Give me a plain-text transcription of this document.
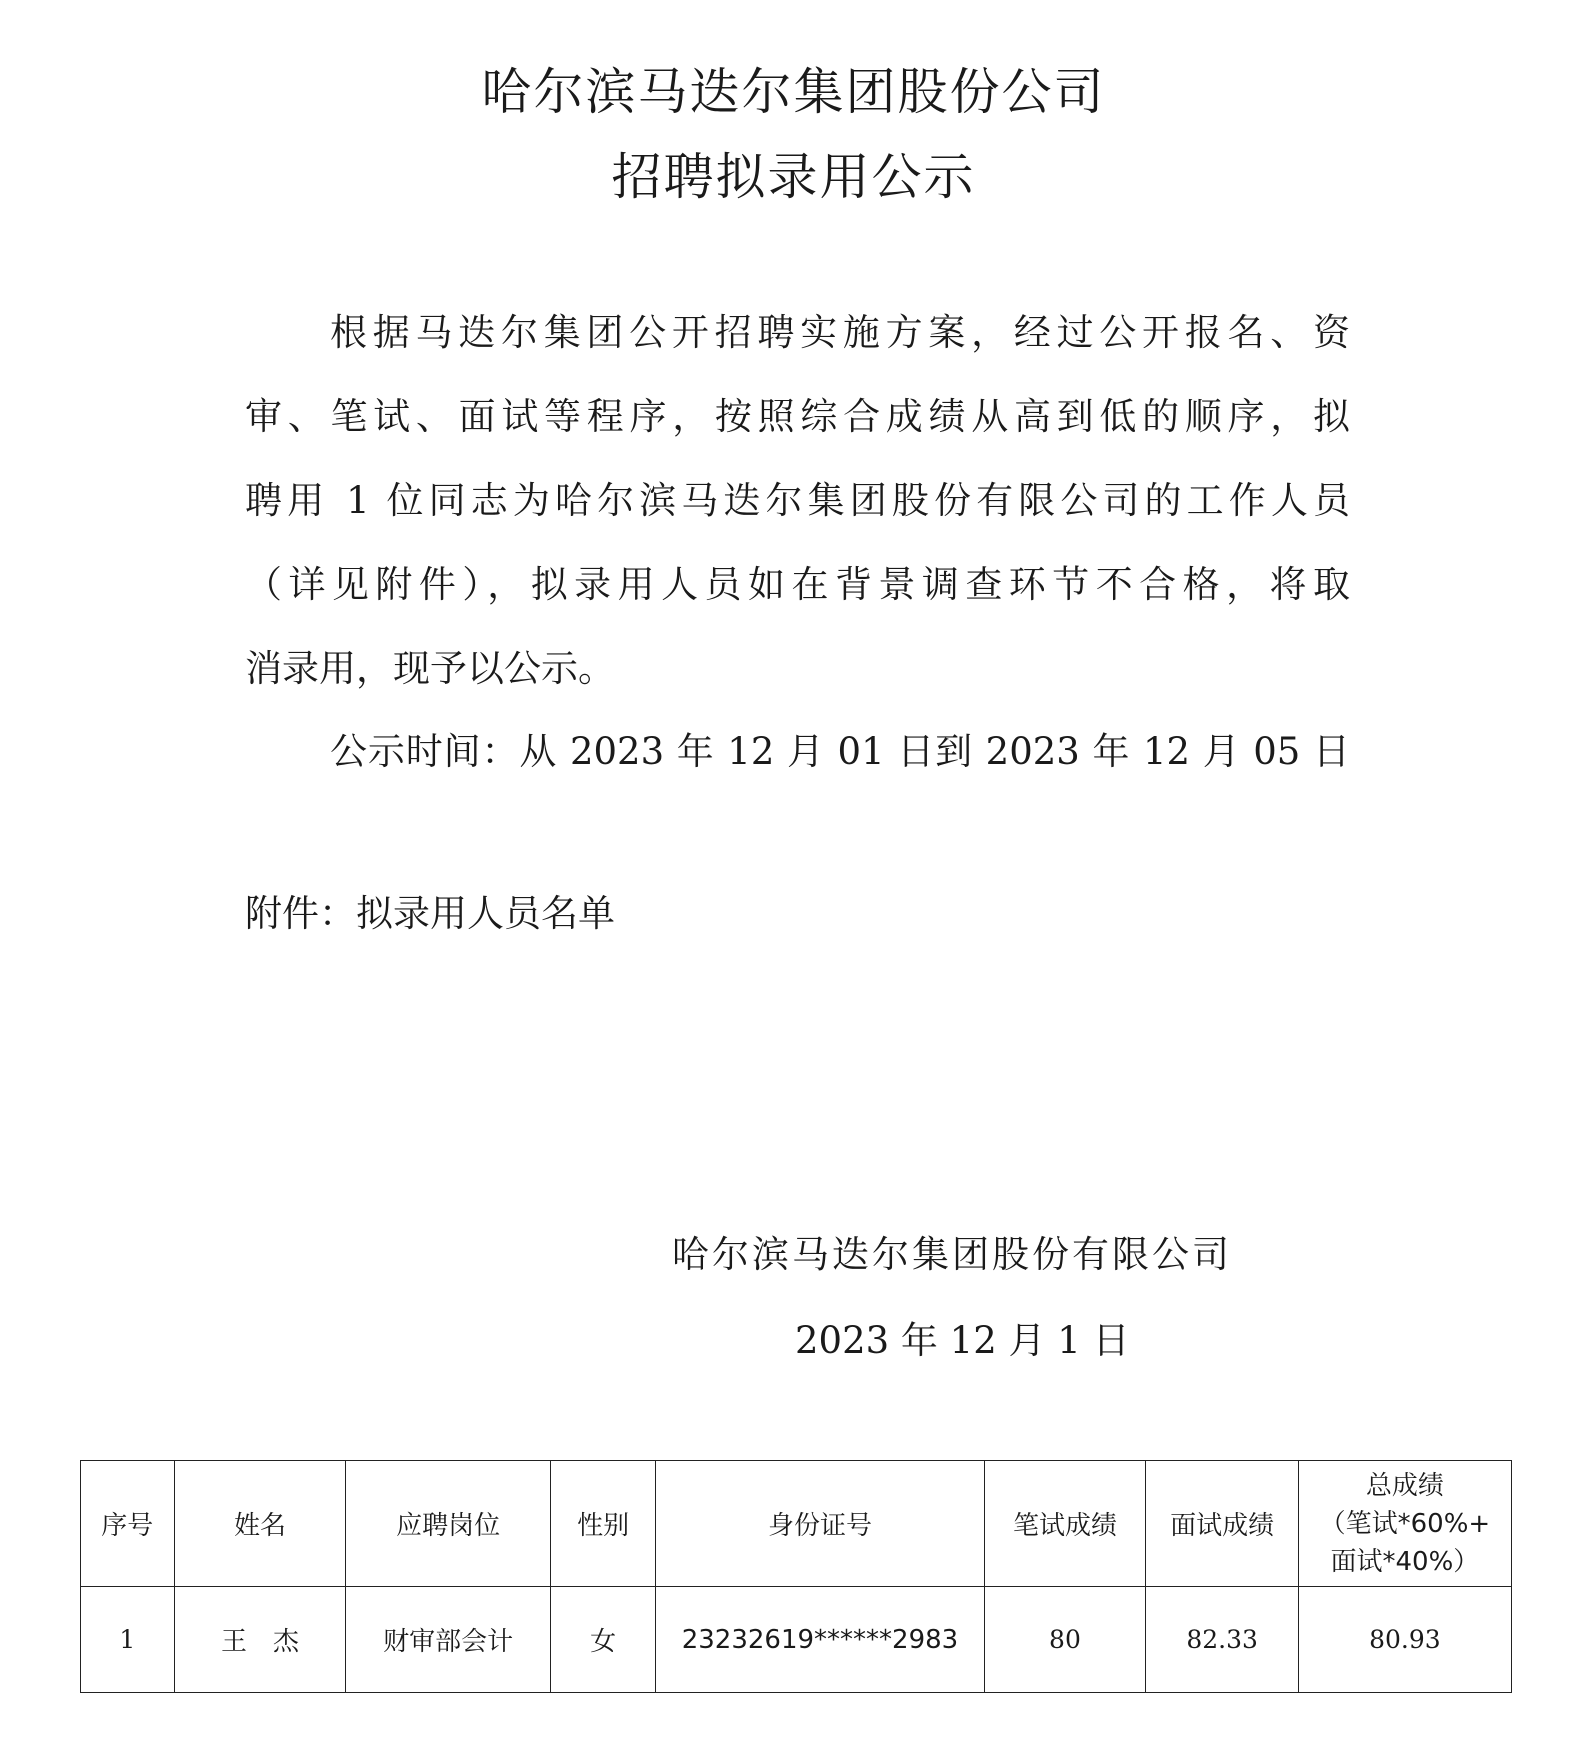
哈尔滨马迭尔集团股份公司
招聘拟录用公示

根据马迭尔集团公开招聘实施方案，经过公开报名、资

审、笔试、面试等程序，按照综合成绩从高到低的顺序，拟

聘用 1 位同志为哈尔滨马迭尔集团股份有限公司的工作人员

（详见附件），拟录用人员如在背景调查环节不合格，将取

消录用，现予以公示。

公示时间：从 2023 年 12 月 01 日到 2023 年 12 月 05 日

附件：拟录用人员名单

哈尔滨马迭尔集团股份有限公司

2023 年 12 月 1 日

序号	姓名	应聘岗位	性别	身份证号	笔试成绩	面试成绩	总成绩
（笔试*60%+
面试*40%）

1	王　杰	财审部会计	女	23232619******2983	80	82.33	80.93
